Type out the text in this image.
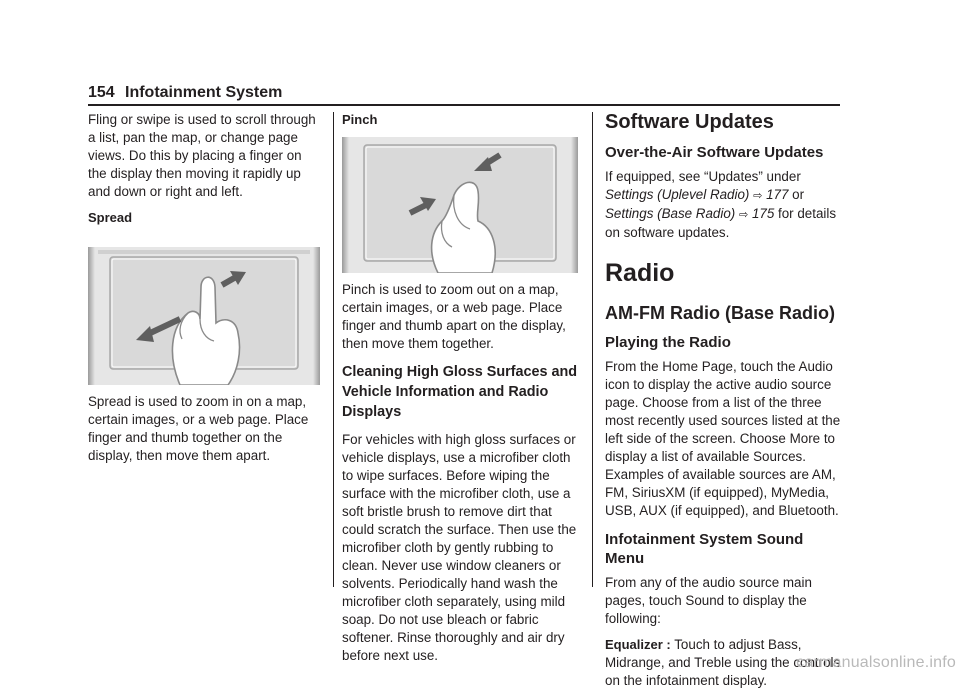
154 Infotainment System

Fling or swipe is used to scroll through a list, pan the map, or change page views. Do this by placing a finger on the display then moving it rapidly up and down or right and left.

Spread

Spread is used to zoom in on a map, certain images, or a web page. Place finger and thumb together on the display, then move them apart.

Pinch

Pinch is used to zoom out on a map, certain images, or a web page. Place finger and thumb apart on the display, then move them together.

Cleaning High Gloss Surfaces and Vehicle Information and Radio Displays

For vehicles with high gloss surfaces or vehicle displays, use a microfiber cloth to wipe surfaces. Before wiping the surface with the microfiber cloth, use a soft bristle brush to remove dirt that could scratch the surface. Then use the microfiber cloth by gently rubbing to clean. Never use window cleaners or solvents. Periodically hand wash the microfiber cloth separately, using mild soap. Do not use bleach or fabric softener. Rinse thoroughly and air dry before next use.

Software Updates

Over-the-Air Software Updates

If equipped, see “Updates” under Settings (Uplevel Radio) ⇨ 177 or Settings (Base Radio) ⇨ 175 for details on software updates.

Radio

AM-FM Radio (Base Radio)

Playing the Radio

From the Home Page, touch the Audio icon to display the active audio source page. Choose from a list of the three most recently used sources listed at the left side of the screen. Choose More to display a list of available Sources. Examples of available sources are AM, FM, SiriusXM (if equipped), MyMedia, USB, AUX (if equipped), and Bluetooth.

Infotainment System Sound Menu

From any of the audio source main pages, touch Sound to display the following:

Equalizer : Touch to adjust Bass, Midrange, and Treble using the controls on the infotainment display.

carmanualsonline.info
